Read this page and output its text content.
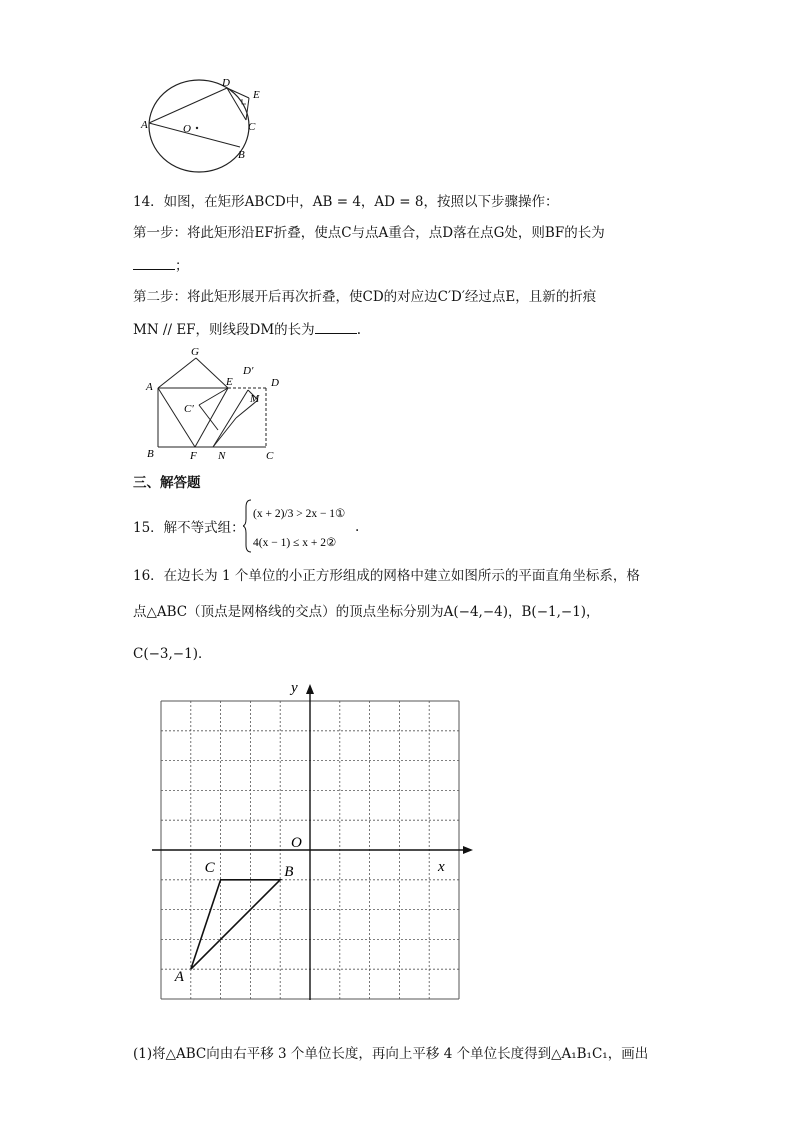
A	O
D
E
C
B
14．如图，在矩形ABCD中，AB = 4，AD = 8，按照以下步骤操作：
第一步：将此矩形沿EF折叠，使点C与点A重合，点D落在点G处，则BF的长为
；
第二步：将此矩形展开后再次折叠，使CD的对应边C′D′经过点E，且新的折痕
MN // EF，则线段DM的长为	.
G
A	E
D′
D
M
C′
B	F N	C
三、解答题
15．解不等式组：
(x + 2)/3 > 2x − 1①
4(x − 1) ≤ x + 2②
.
16．在边长为 1 个单位的小正方形组成的网格中建立如图所示的平面直角坐标系，格
点△ABC（顶点是网格线的交点）的顶点坐标分别为A(−4,−4)，B(−1,−1)，
C(−3,−1)．
y
x
O
A
B
C
(1)将△ABC向由右平移 3 个单位长度，再向上平移 4 个单位长度得到△A₁B₁C₁，画出
